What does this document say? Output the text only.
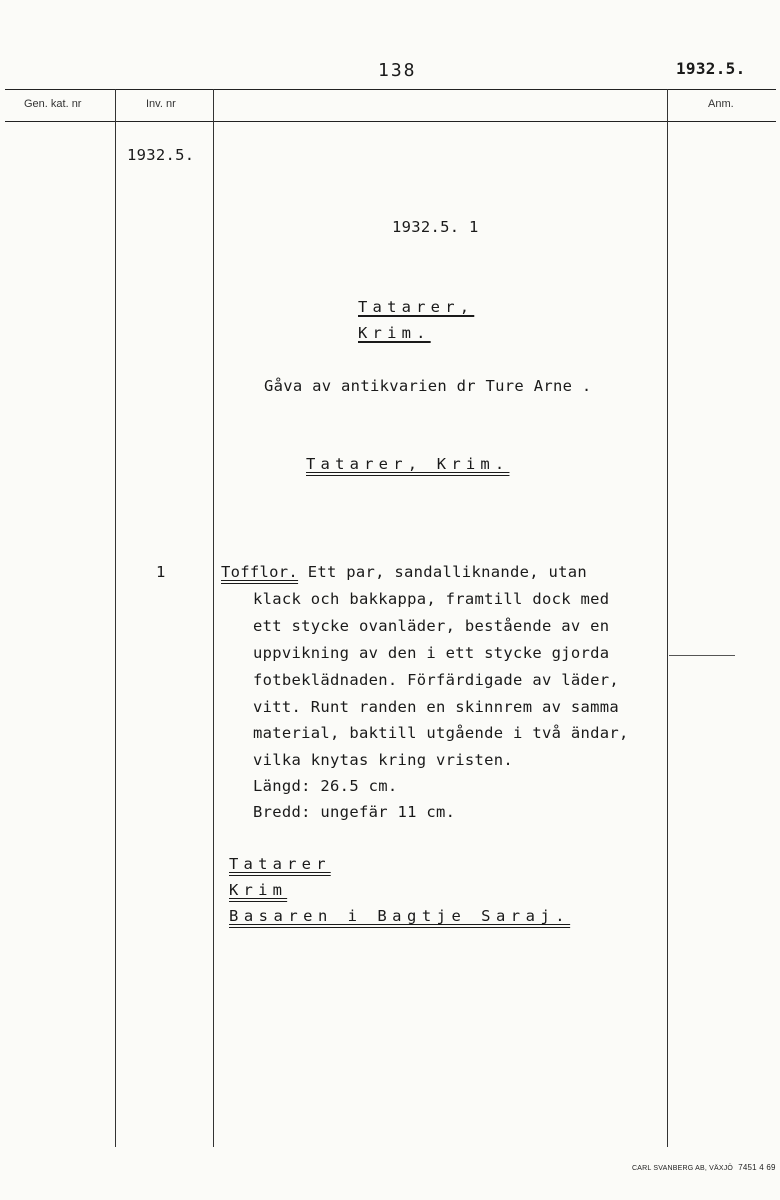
138	1932.5.
Gen. kat. nr	Inv. nr	Anm.
1932.5.
1
1932.5. 1
Tatarer,
Krim.
Gåva av antikvarien dr Ture Arne .
Tatarer, Krim.
Tofflor. Ett par, sandalliknande, utan
klack och bakkappa, framtill dock med
ett stycke ovanläder, bestående av en
uppvikning av den i ett stycke gjorda
fotbeklädnaden. Förfärdigade av läder,
vitt. Runt randen en skinnrem av samma
material, baktill utgående i två ändar,
vilka knytas kring vristen.
Längd: 26.5 cm.
Bredd: ungefär 11 cm.
Tatarer
Krim
Basaren i Bagtje Saraj.
CARL SVANBERG AB, VÄXJÖ 7451 4 69
